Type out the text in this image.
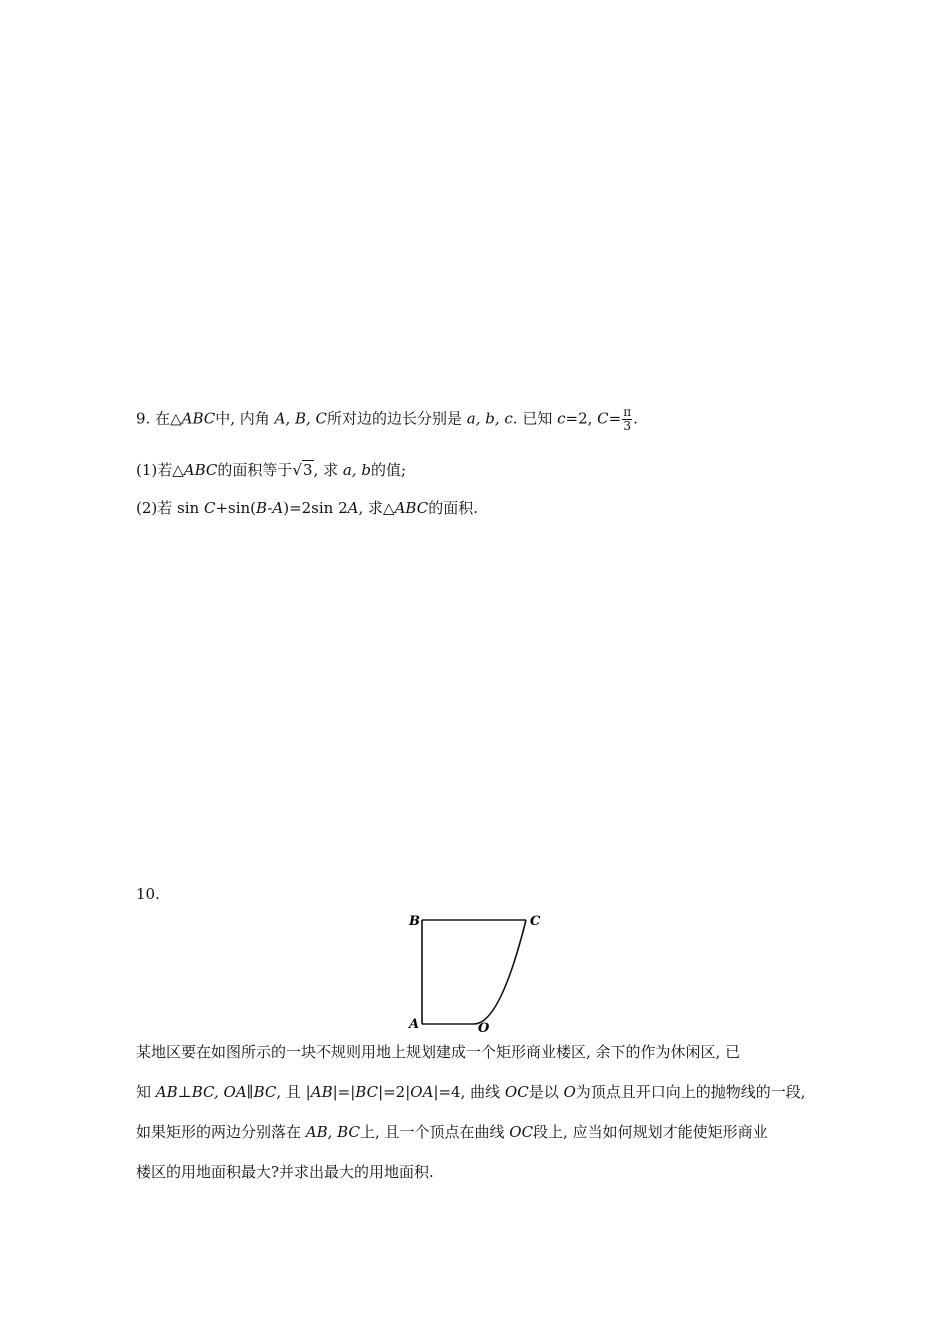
9. 在△ABC中, 内角 A, B, C所对边的边长分别是 a, b, c. 已知 c=2, $C= \frac{\pi}{3}$ .
(1)若△ABC的面积等于√3, 求 a, b的值;
(2)若 sin C+sin(B-A)=2sin 2A, 求△ABC的面积.
10.
B	C
A	O
某地区要在如图所示的一块不规则用地上规划建成一个矩形商业楼区, 余下的作为休闲区, 已
知 AB⊥BC, OA∥BC, 且 |AB|=|BC|=2|OA|=4, 曲线 OC是以 O为顶点且开口向上的抛物线的一段,
如果矩形的两边分别落在 AB, BC上, 且一个顶点在曲线 OC段上, 应当如何规划才能使矩形商业
楼区的用地面积最大?并求出最大的用地面积.
